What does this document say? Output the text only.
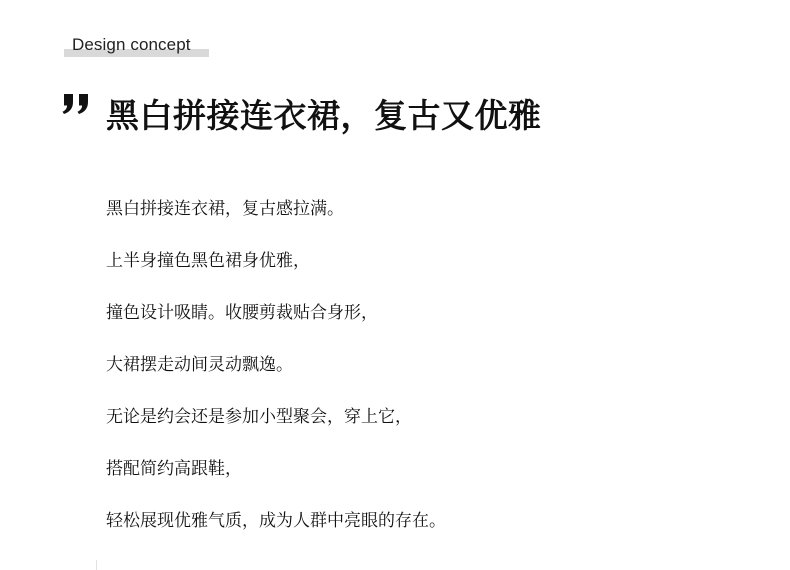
Design concept
黑白拼接连衣裙，复古又优雅
黑白拼接连衣裙，复古感拉满。
上半身撞色黑色裙身优雅，
撞色设计吸睛。收腰剪裁贴合身形，
大裙摆走动间灵动飘逸。
无论是约会还是参加小型聚会，穿上它，
搭配简约高跟鞋，
轻松展现优雅气质，成为人群中亮眼的存在。
